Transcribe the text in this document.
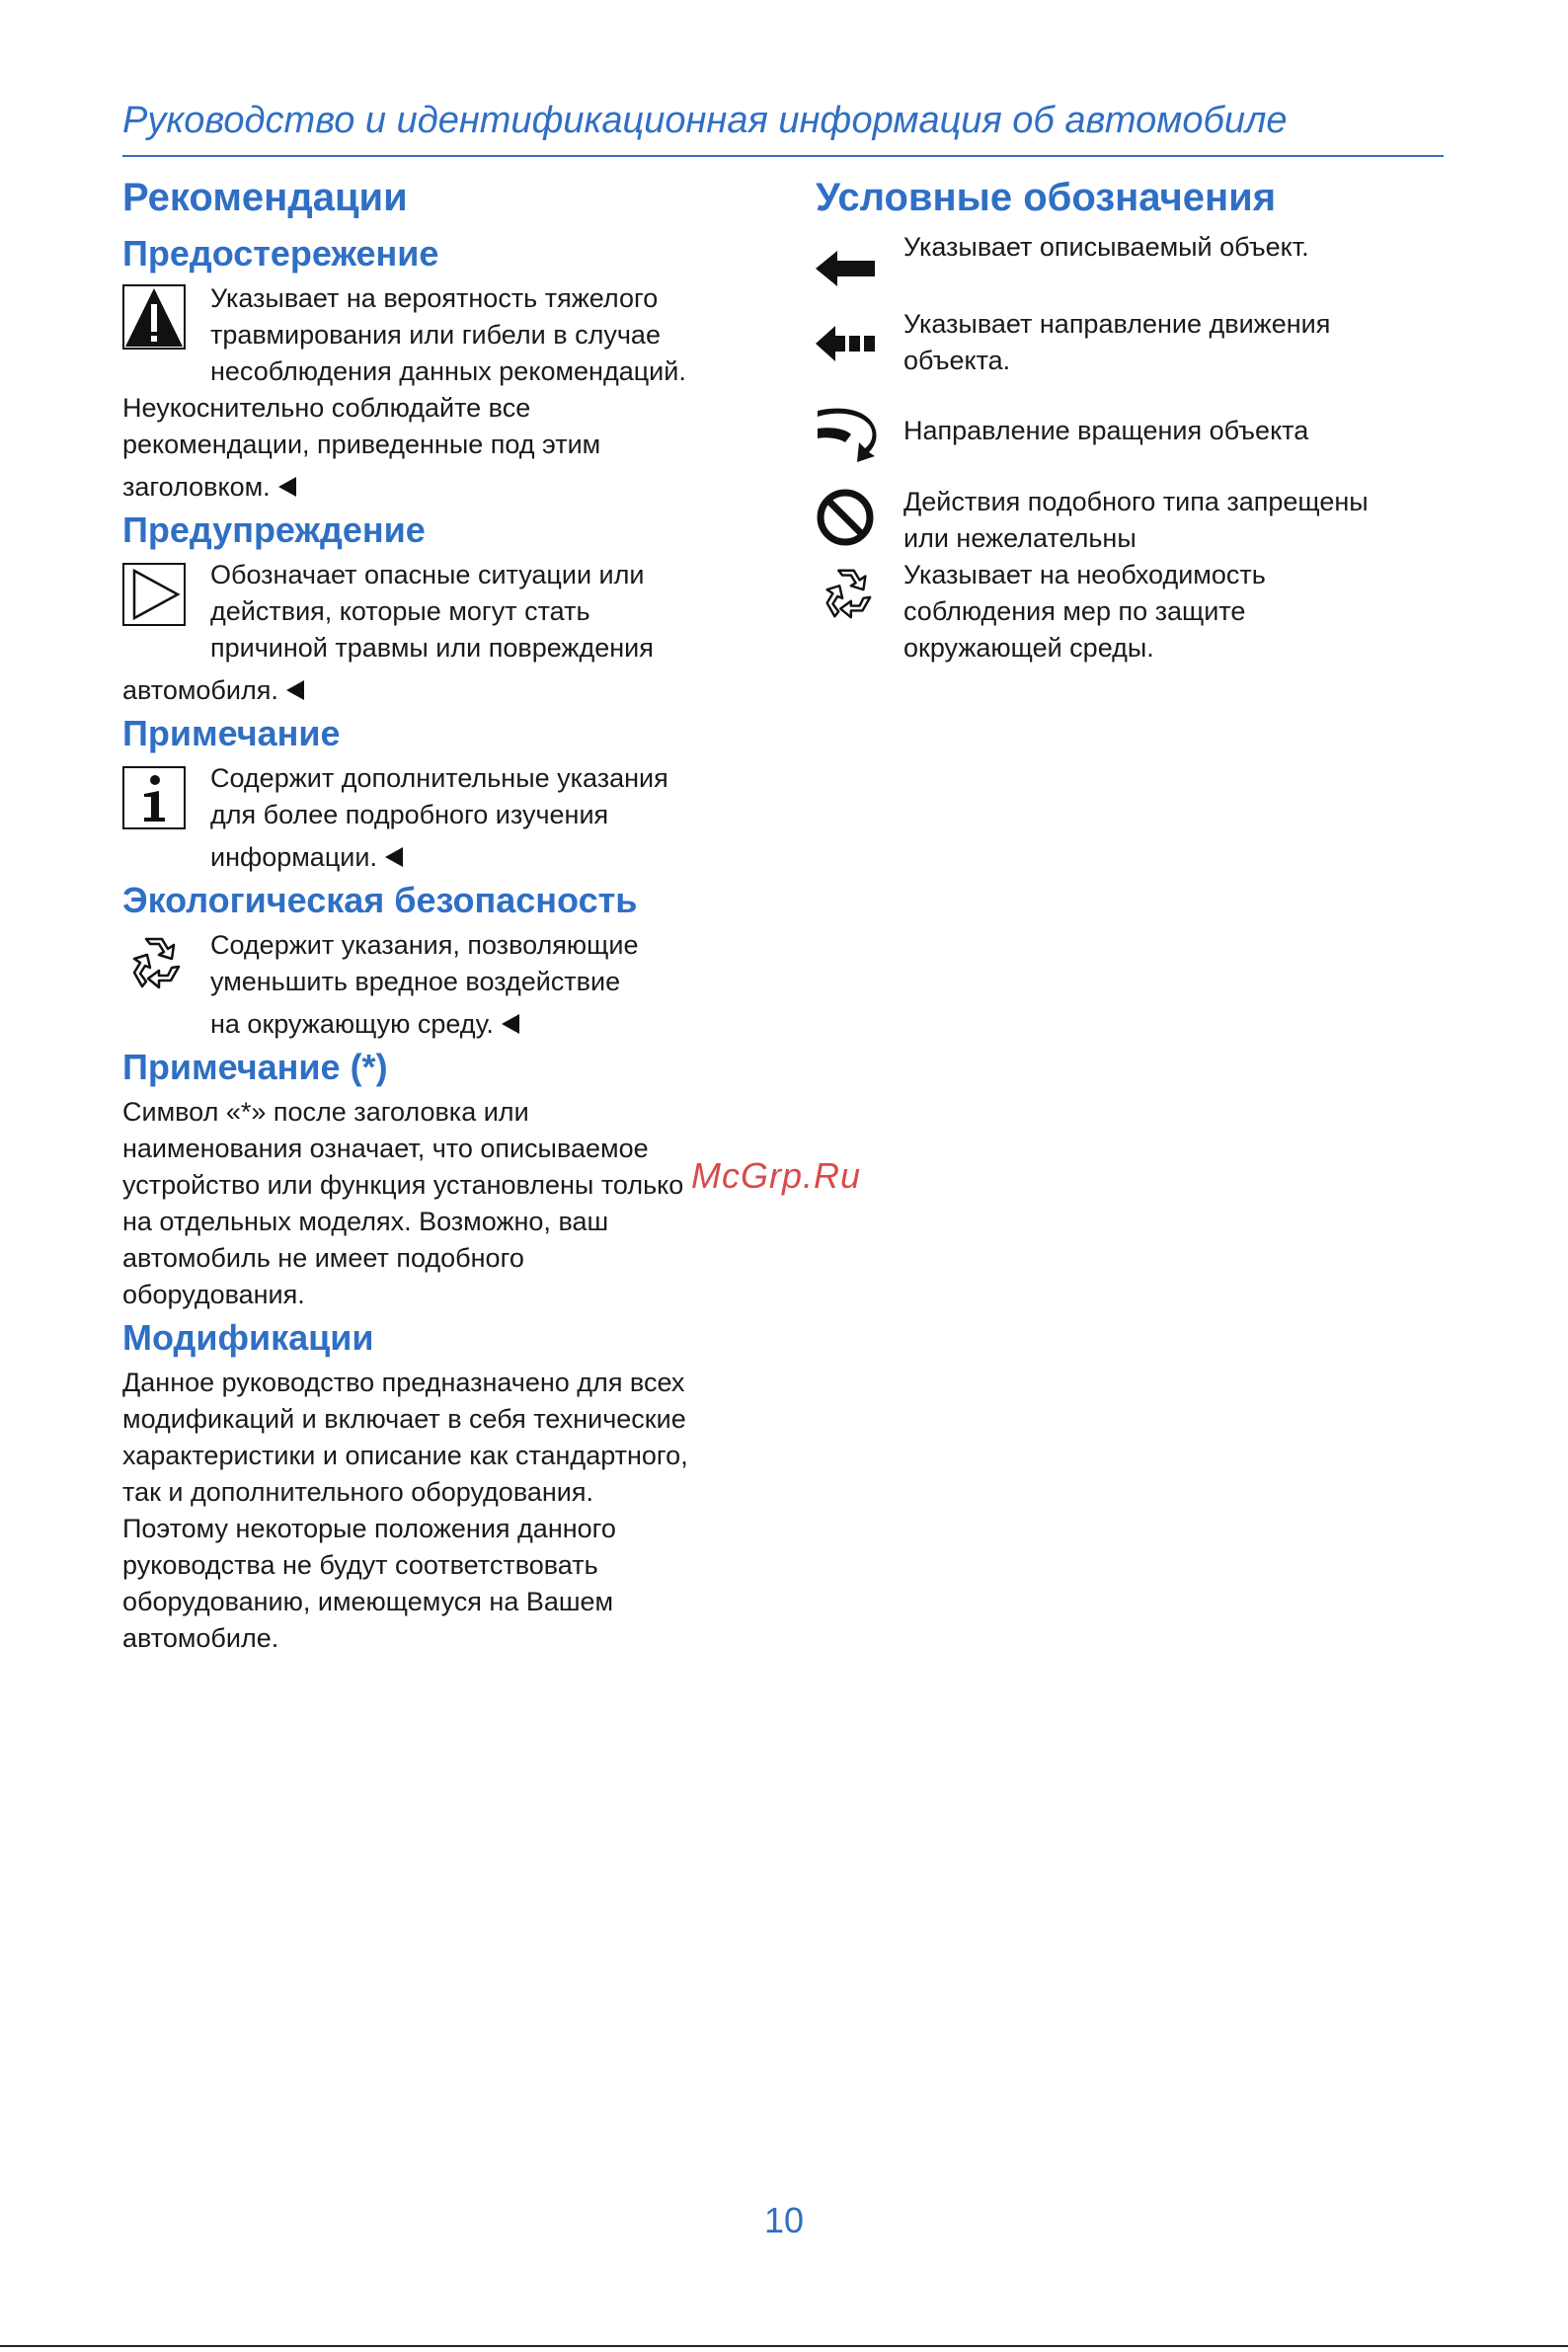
Руководство и идентификационная информация об автомобиле
Рекомендации
Предостережение

Указывает на вероятность тяжелого

травмирования или гибели в случае

несоблюдения данных рекомендаций.

Неукоснительно соблюдайте все

рекомендации, приведенные под этим

заголовком.

Предупреждение

Обозначает опасные ситуации или

действия, которые могут стать

причиной травмы или повреждения

автомобиля.

Примечание

Содержит дополнительные указания

для более подробного изучения

информации.

Экологическая безопасность

Содержит указания, позволяющие

уменьшить вредное воздействие

на окружающую среду.

Примечание (*)

Символ «*» после заголовка или

наименования означает, что описываемое

устройство или функция установлены только

на отдельных моделях. Возможно, ваш

автомобиль не имеет подобного

оборудования.

Модификации

Данное руководство предназначено для всех

модификаций и включает в себя технические

характеристики и описание как стандартного,

так и дополнительного оборудования.

Поэтому некоторые положения данного

руководства не будут соответствовать

оборудованию, имеющемуся на Вашем

автомобиле.

Условные обозначения

Указывает описываемый объект.

Указывает направление движения

объекта.

Направление вращения объекта

Действия подобного типа запрещены

или нежелательны

Указывает на необходимость

соблюдения мер по защите

окружающей среды.

McGrp.Ru
10
